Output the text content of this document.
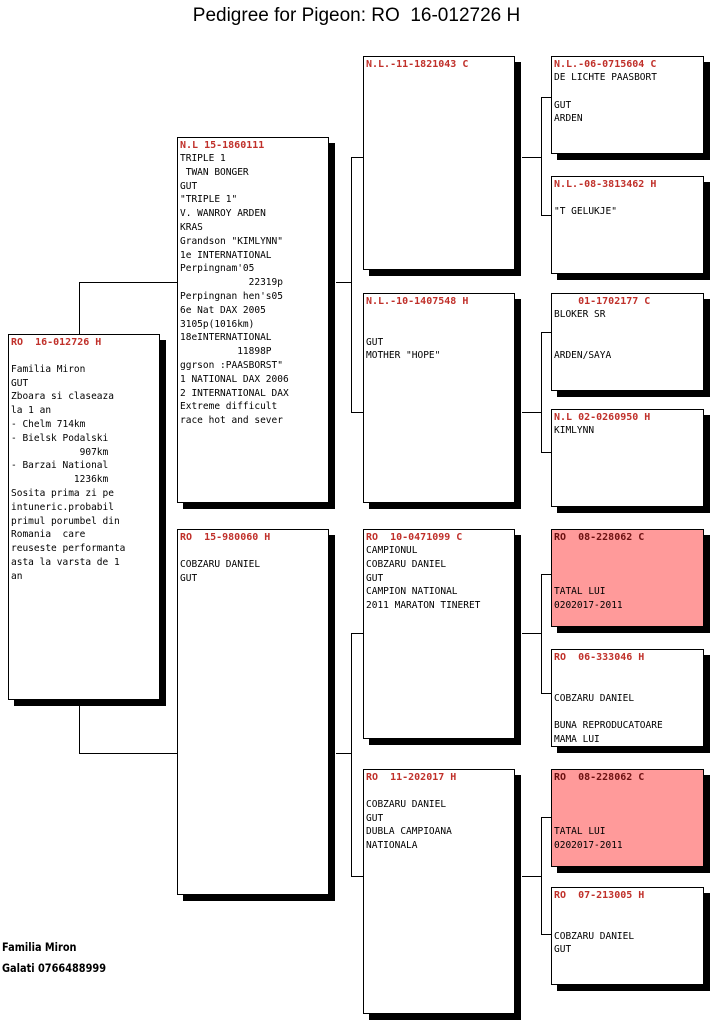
Pedigree for Pigeon: RO  16-012726 H
RO  16-012726 H

Familia Miron
GUT
Zboara si claseaza
la 1 an
- Chelm 714km
- Bielsk Podalski
907km
- Barzai National
1236km
Sosita prima zi pe
intuneric.probabil
primul porumbel din
Romania  care
reuseste performanta
asta la varsta de 1
an
N.L 15-1860111
TRIPLE 1
TWAN BONGER
GUT
"TRIPLE 1"
V. WANROY ARDEN
KRAS
Grandson "KIMLYNN"
1e INTERNATIONAL
Perpingnam'05
22319p
Perpingnan hen's05
6e Nat DAX 2005
3105p(1016km)
18eINTERNATIONAL
11898P
ggrson :PAASBORST"
1 NATIONAL DAX 2006
2 INTERNATIONAL DAX
Extreme difficult
race hot and sever
RO  15-980060 H

COBZARU DANIEL
GUT
N.L.-11-1821043 C
N.L.-10-1407548 H

GUT
MOTHER "HOPE"
RO  10-0471099 C
CAMPIONUL
COBZARU DANIEL
GUT
CAMPION NATIONAL
2011 MARATON TINERET
RO  11-202017 H

COBZARU DANIEL
GUT
DUBLA CAMPIOANA
NATIONALA
N.L.-06-0715604 C
DE LICHTE PAASBORT

GUT
ARDEN
N.L.-08-3813462 H

"T GELUKJE"
01-1702177 C
BLOKER SR

ARDEN/SAYA
N.L 02-0260950 H
KIMLYNN
RO  08-228062 C

TATAL LUI
0202017-2011
RO  06-333046 H

COBZARU DANIEL

BUNA REPRODUCATOARE
MAMA LUI
RO  08-228062 C

TATAL LUI
0202017-2011
RO  07-213005 H

COBZARU DANIEL
GUT
Familia Miron
Galati 0766488999
